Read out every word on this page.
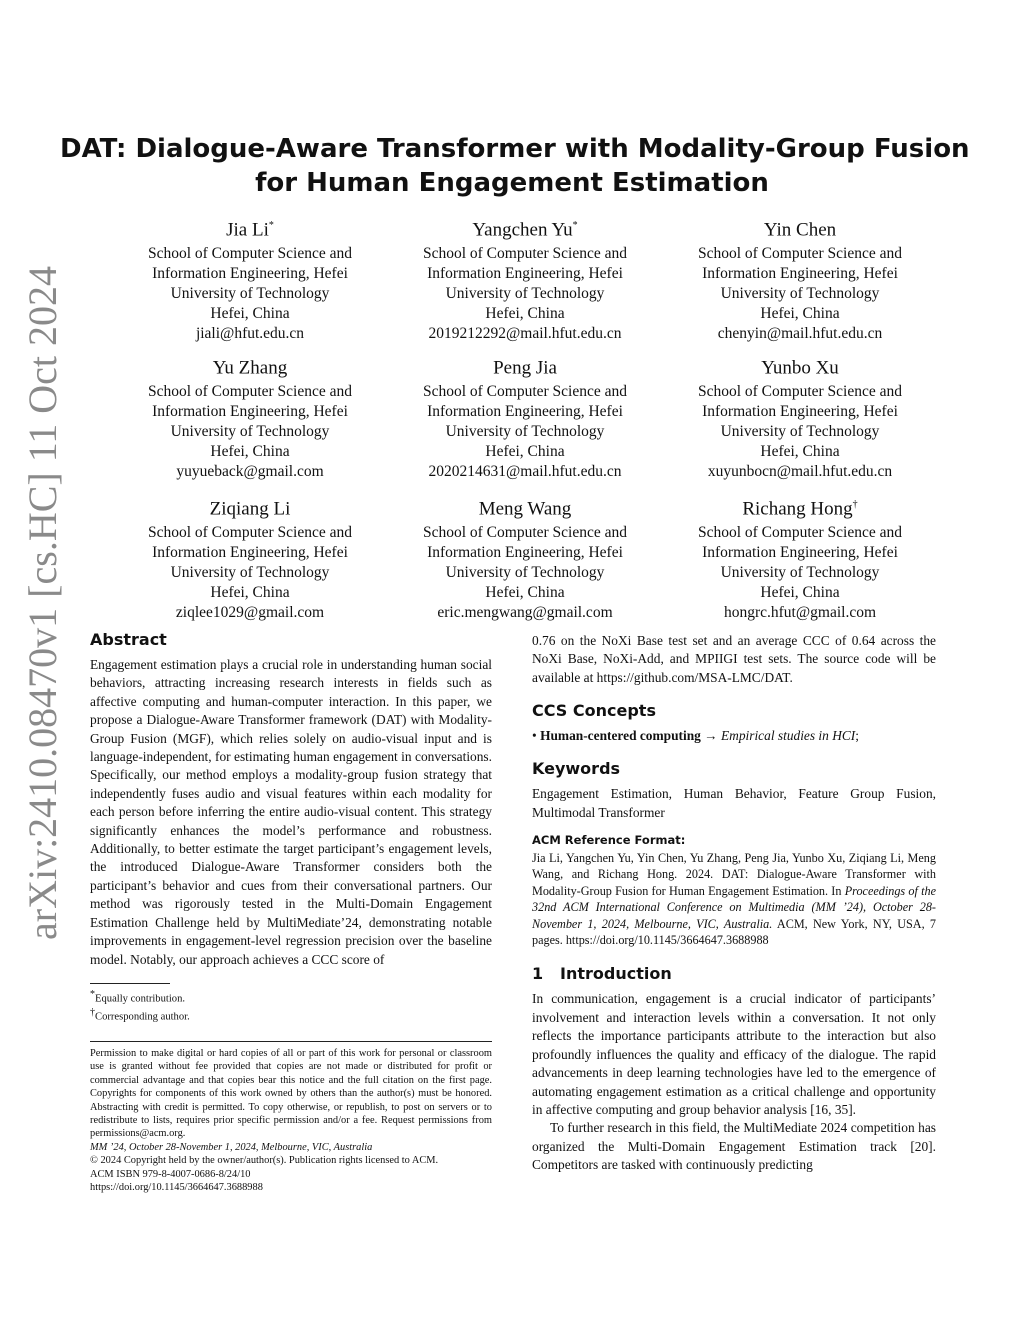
arXiv:2410.08470v1 [cs.HC] 11 Oct 2024
DAT: Dialogue-Aware Transformer with Modality-Group Fusion
for Human Engagement Estimation
Jia Li*
School of Computer Science and
Information Engineering, Hefei
University of Technology
Hefei, China
jiali@hfut.edu.cn
Yangchen Yu*
School of Computer Science and
Information Engineering, Hefei
University of Technology
Hefei, China
2019212292@mail.hfut.edu.cn
Yin Chen
School of Computer Science and
Information Engineering, Hefei
University of Technology
Hefei, China
chenyin@mail.hfut.edu.cn
Yu Zhang
School of Computer Science and
Information Engineering, Hefei
University of Technology
Hefei, China
yuyueback@gmail.com
Peng Jia
School of Computer Science and
Information Engineering, Hefei
University of Technology
Hefei, China
2020214631@mail.hfut.edu.cn
Yunbo Xu
School of Computer Science and
Information Engineering, Hefei
University of Technology
Hefei, China
xuyunbocn@mail.hfut.edu.cn
Ziqiang Li
School of Computer Science and
Information Engineering, Hefei
University of Technology
Hefei, China
ziqlee1029@gmail.com
Meng Wang
School of Computer Science and
Information Engineering, Hefei
University of Technology
Hefei, China
eric.mengwang@gmail.com
Richang Hong†
School of Computer Science and
Information Engineering, Hefei
University of Technology
Hefei, China
hongrc.hfut@gmail.com
Abstract

Engagement estimation plays a crucial role in understanding human social behaviors, attracting increasing research interests in fields such as affective computing and human-computer interaction. In this paper, we propose a Dialogue-Aware Transformer framework (DAT) with Modality-Group Fusion (MGF), which relies solely on audio-visual input and is language-independent, for estimating human engagement in conversations. Specifically, our method employs a modality-group fusion strategy that independently fuses audio and visual features within each modality for each person before inferring the entire audio-visual content. This strategy significantly enhances the model’s performance and robustness. Additionally, to better estimate the target participant’s engagement levels, the introduced Dialogue-Aware Transformer considers both the participant’s behavior and cues from their conversational partners. Our method was rigorously tested in the Multi-Domain Engagement Estimation Challenge held by MultiMediate’24, demonstrating notable improvements in engagement-level regression precision over the baseline model. Notably, our approach achieves a CCC score of

*Equally contribution.

†Corresponding author.

Permission to make digital or hard copies of all or part of this work for personal or classroom use is granted without fee provided that copies are not made or distributed for profit or commercial advantage and that copies bear this notice and the full citation on the first page. Copyrights for components of this work owned by others than the author(s) must be honored. Abstracting with credit is permitted. To copy otherwise, or republish, to post on servers or to redistribute to lists, requires prior specific permission and/or a fee. Request permissions from permissions@acm.org.

MM ’24, October 28-November 1, 2024, Melbourne, VIC, Australia

© 2024 Copyright held by the owner/author(s). Publication rights licensed to ACM.

ACM ISBN 979-8-4007-0686-8/24/10

https://doi.org/10.1145/3664647.3688988

0.76 on the NoXi Base test set and an average CCC of 0.64 across the NoXi Base, NoXi-Add, and MPIIGI test sets. The source code will be available at https://github.com/MSA-LMC/DAT.

CCS Concepts

• Human-centered computing → Empirical studies in HCI;

Keywords

Engagement Estimation, Human Behavior, Feature Group Fusion, Multimodal Transformer

ACM Reference Format:

Jia Li, Yangchen Yu, Yin Chen, Yu Zhang, Peng Jia, Yunbo Xu, Ziqiang Li, Meng Wang, and Richang Hong. 2024. DAT: Dialogue-Aware Transformer with Modality-Group Fusion for Human Engagement Estimation. In Proceedings of the 32nd ACM International Conference on Multimedia (MM ’24), October 28-November 1, 2024, Melbourne, VIC, Australia. ACM, New York, NY, USA, 7 pages. https://doi.org/10.1145/3664647.3688988

1 Introduction

In communication, engagement is a crucial indicator of participants’ involvement and interaction levels within a conversation. It not only reflects the importance participants attribute to the interaction but also profoundly influences the quality and efficacy of the dialogue. The rapid advancements in deep learning technologies have led to the emergence of automating engagement estimation as a critical challenge and opportunity in affective computing and group behavior analysis [16, 35].

To further research in this field, the MultiMediate 2024 competition has organized the Multi-Domain Engagement Estimation track [20]. Competitors are tasked with continuously predicting
